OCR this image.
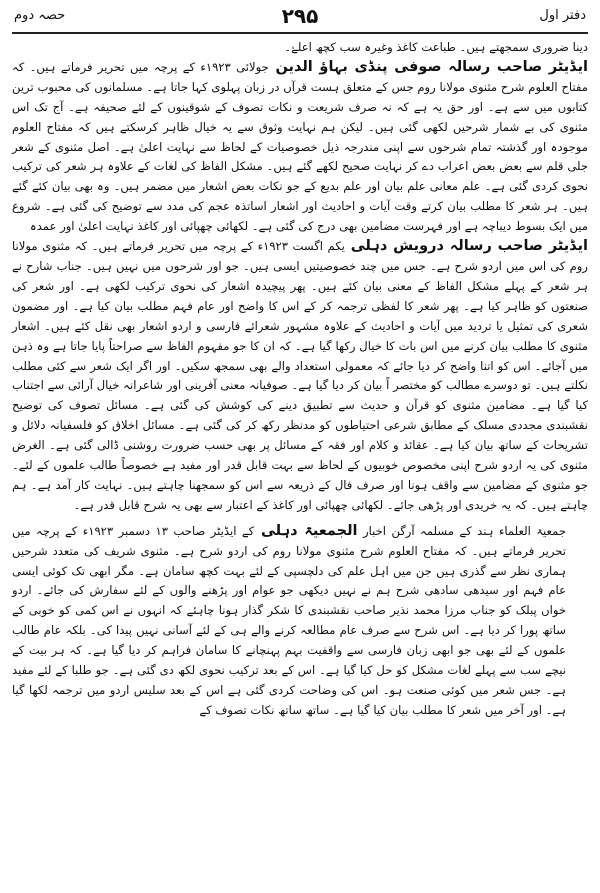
دفتر اول
۲۹۵
حصہ دوم

دینا ضروری سمجھتے ہیں۔ طباعت کاغذ وغیرہ سب کچھ اعلےٰ۔

ایڈیٹر صاحب رسالہ صوفی پنڈی بہاؤ الدین جولائی ۱۹۲۳ء کے پرچہ میں تحریر فرماتے ہیں۔ کہ مفتاح العلوم شرح مثنوی مولانا روم جس کے متعلق ہست قرآں در زبان پہلوی کہا جاتا ہے۔ مسلمانوں کی محبوب ترین کتابوں میں سے ہے۔ اور حق یہ ہے کہ نہ صرف شریعت و نکات تصوف کے شوقینوں کے لئے صحیفہ ہے۔ آج تک اس مثنوی کی بے شمار شرحیں لکھی گئی ہیں۔ لیکن ہم نہایت وثوق سے یہ خیال ظاہر کرسکتے ہیں کہ مفتاح العلوم موجودہ اور گذشتہ تمام شرحوں سے اپنی مندرجہ ذیل خصوصیات کے لحاظ سے نہایت اعلیٰ ہے۔ اصل مثنوی کے شعر جلی قلم سے بعض بعض اعراب دے کر نہایت صحیح لکھے گئے ہیں۔ مشکل الفاظ کی لغات کے علاوہ ہر شعر کی ترکیب نحوی کردی گئی ہے۔ علم معانی علم بیان اور علم بدیع کے جو نکات بعض اشعار میں مضمر ہیں۔ وہ بھی بیان کئے گئے ہیں۔ ہر شعر کا مطلب بیان کرتے وقت آیات و احادیث اور اشعار اساتذہ عجم کی مدد سے توضیح کی گئی ہے۔ شروع میں ایک بسوط دیباچہ ہے اور فہرست مضامین بھی درج کی گئی ہے۔ لکھائی چھپائی اور کاغذ نہایت اعلیٰ اور عمدہ

ایڈیٹر صاحب رسالہ درویش دہلی یکم اگست ۱۹۲۳ء کے پرچہ میں تحریر فرماتے ہیں۔ کہ مثنوی مولانا روم کی اس میں اردو شرح ہے۔ جس میں چند خصوصیتیں ایسی ہیں۔ جو اور شرحوں میں نہیں ہیں۔ جناب شارح نے ہر شعر کے پہلے مشکل الفاظ کے معنی بیان کئے ہیں۔ پھر پیچیدہ اشعار کی نحوی ترکیب لکھی ہے۔ اور شعر کی صنعتوں کو ظاہر کیا ہے۔ پھر شعر کا لفظی ترجمہ کر کے اس کا واضح اور عام فہم مطلب بیان کیا ہے۔ اور مضمون شعری کی تمثیل یا تردید میں آیات و احادیث کے علاوہ مشہور شعرائے فارسی و اردو اشعار بھی نقل کئے ہیں۔ اشعار مثنوی کا مطلب بیان کرنے میں اس بات کا خیال رکھا گیا ہے۔ کہ ان کا جو مفہوم الفاظ سے صراحتاً پایا جاتا ہے وہ ذہن میں آجائے۔ اس کو اتنا واضح کر دیا جائے کہ معمولی استعداد والے بھی سمجھ سکیں۔ اور اگر ایک شعر سے کئی مطلب نکلتے ہیں۔ تو دوسرے مطالب کو مختصر اً بیان کر دیا گیا ہے۔ صوفیانہ معنی آفرینی اور شاعرانہ خیال آرائی سے اجتناب کیا گیا ہے۔ مضامین مثنوی کو قرآن و حدیث سے تطبیق دینے کی کوشش کی گئی ہے۔ مسائل تصوف کی توضیح نقشبندی مجددی مسلک کے مطابق شرعی احتیاطوں کو مدنظر رکھ کر کی گئی ہے۔ مسائل اخلاق کو فلسفیانہ دلائل و تشریحات کے ساتھ بیان کیا ہے۔ عقائد و کلام اور فقہ کے مسائل پر بھی حسب ضرورت روشنی ڈالی گئی ہے۔ الغرض مثنوی کی یہ اردو شرح اپنی مخصوص خوبیوں کے لحاظ سے بہت قابل قدر اور مفید ہے خصوصاً طالب علموں کے لئے۔ جو مثنوی کے مضامین سے واقف ہونا اور صرف فال کے ذریعہ سے اس کو سمجھنا چاہتے ہیں۔ نہایت کار آمد ہے۔ ہم چاہتے ہیں۔ کہ یہ خریدی اور پڑھی جائے۔ لکھائی چھپائی اور کاغذ کے اعتبار سے بھی یہ شرح قابل قدر ہے۔

جمعیۃ العلماء ہند کے مسلمہ آرگن اخبار الجمعیۃ دہلی کے ایڈیٹر صاحب ۱۳ دسمبر ۱۹۲۳ء کے پرچہ میں تحریر فرماتے ہیں۔ کہ مفتاح العلوم شرح مثنوی مولانا روم کی اردو شرح ہے۔ مثنوی شریف کی متعدد شرحیں ہماری نظر سے گذری ہیں جن میں اہل علم کی دلچسپی کے لئے بہت کچھ سامان ہے۔ مگر ابھی تک کوئی ایسی عام فہم اور سیدھی سادھی شرح ہم نے نہیں دیکھی جو عوام اور پڑھنے والوں کے لئے سفارش کی جائے۔ اردو خواں پبلک کو جناب مرزا محمد نذیر صاحب نقشبندی کا شکر گذار ہونا چاہئے کہ انہوں نے اس کمی کو خوبی کے ساتھ پورا کر دیا ہے۔ اس شرح سے صرف عام مطالعہ کرنے والے ہی کے لئے آسانی نہیں پیدا کی۔ بلکہ عام طالب علموں کے لئے بھی جو ابھی زبان فارسی سے واقفیت بہم پہنچانے کا سامان فراہم کر دیا گیا ہے۔ کہ ہر بیت کے نیچے سب سے پہلے لغات مشکل کو حل کیا گیا ہے۔ اس کے بعد ترکیب نحوی لکھ دی گئی ہے۔ جو طلبا کے لئے مفید ہے۔ جس شعر میں کوئی صنعت ہو۔ اس کی وضاحت کردی گئی ہے اس کے بعد سلیس اردو میں ترجمہ لکھا گیا ہے۔ اور آخر میں شعر کا مطلب بیان کیا گیا ہے۔ ساتھ ساتھ نکات تصوف کے
